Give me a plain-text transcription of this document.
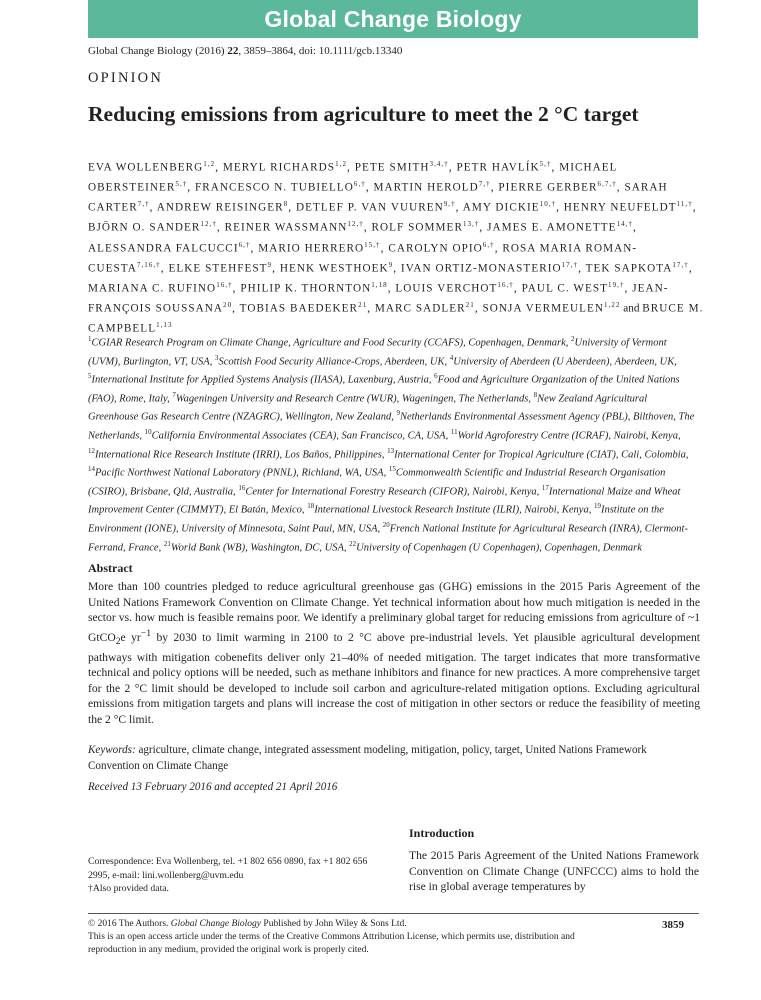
Global Change Biology
Global Change Biology (2016) 22, 3859–3864, doi: 10.1111/gcb.13340
OPINION
Reducing emissions from agriculture to meet the 2 °C target
EVA WOLLENBERG$^{1,2}$, MERYL RICHARDS$^{1,2}$, PETE $SMITH^{3,4,\dagger}$, PETR $HAVLÍK^{5,\dagger}$, MICHAEL $OBERSTEINER^{5,\dagger}$, FRANCESCO N. $TUBIELLO^{6,\dagger}$, MARTIN $HEROLD^{7,\dagger}$, PIERRE $GERBER^{6,7,\dagger}$, SARAH $CARTER^{7,\dagger}$, ANDREW REISINGER$^8$, DETLEF P. VAN $VUUREN^{9,\dagger}$, AMY $DICKIE^{10,\dagger}$, HENRY $NEUFELDT^{11,\dagger}$, BJÖRN O. $SANDER^{12,\dagger}$, REINER $WASSMANN^{12,\dagger}$, ROLF $SOMMER^{13,\dagger}$, JAMES E. $AMONETTE^{14,\dagger}$, ALESSANDRA $FALCUCCI^{6,\dagger}$, MARIO $HERRERO^{15,\dagger}$, CAROLYN $OPIO^{6,\dagger}$, ROSA MARIA ROMAN-$CUESTA^{7,16,\dagger}$, ELKE STEHFEST$^9$, HENK WESTHOEK$^9$, IVAN ORTIZ-$MONASTERIO^{17,\dagger}$, TEK $SAPKOTA^{17,\dagger}$, MARIANA C. $RUFINO^{16,\dagger}$, PHILIP K. THORNTON$^{1,18}$, LOUIS $VERCHOT^{16,\dagger}$, PAUL C. $WEST^{19,\dagger}$, JEAN-FRANÇOIS SOUSSANA$^{20}$, TOBIAS BAEDEKER$^{21}$, MARC SADLER$^{21}$, SONJA VERMEULEN$^{1,22}$ and BRUCE M. CAMPBELL$^{1,13}$
$^1$CGIAR Research Program on Climate Change, Agriculture and Food Security (CCAFS), Copenhagen, Denmark, $^2$University of Vermont (UVM), Burlington, VT, USA, $^3$Scottish Food Security Alliance-Crops, Aberdeen, UK, $^4$University of Aberdeen (U Aberdeen), Aberdeen, UK, $^5$International Institute for Applied Systems Analysis (IIASA), Laxenburg, Austria, $^6$Food and Agriculture Organization of the United Nations (FAO), Rome, Italy, $^7$Wageningen University and Research Centre (WUR), Wageningen, The Netherlands, $^8$New Zealand Agricultural Greenhouse Gas Research Centre (NZAGRC), Wellington, New Zealand, $^9$Netherlands Environmental Assessment Agency (PBL), Bilthoven, The Netherlands, $^{10}$California Environmental Associates (CEA), San Francisco, CA, USA, $^{11}$World Agroforestry Centre (ICRAF), Nairobi, Kenya, $^{12}$International Rice Research Institute (IRRI), Los Baños, Philippines, $^{13}$International Center for Tropical Agriculture (CIAT), Cali, Colombia, $^{14}$Pacific Northwest National Laboratory (PNNL), Richland, WA, USA, $^{15}$Commonwealth Scientific and Industrial Research Organisation (CSIRO), Brisbane, Qld, Australia, $^{16}$Center for International Forestry Research (CIFOR), Nairobi, Kenya, $^{17}$International Maize and Wheat Improvement Center (CIMMYT), El Batán, Mexico, $^{18}$International Livestock Research Institute (ILRI), Nairobi, Kenya, $^{19}$Institute on the Environment (IONE), University of Minnesota, Saint Paul, MN, USA, $^{20}$French National Institute for Agricultural Research (INRA), Clermont-Ferrand, France, $^{21}$World Bank (WB), Washington, DC, USA, $^{22}$University of Copenhagen (U Copenhagen), Copenhagen, Denmark
Abstract

More than 100 countries pledged to reduce agricultural greenhouse gas (GHG) emissions in the 2015 Paris Agreement of the United Nations Framework Convention on Climate Change. Yet technical information about how much mitigation is needed in the sector vs. how much is feasible remains poor. We identify a preliminary global target for reducing emissions from agriculture of ~1 GtCO$_2$e $yr^{-1}$ by 2030 to limit warming in 2100 to 2 °C above pre-industrial levels. Yet plausible agricultural development pathways with mitigation cobenefits deliver only 21–40% of needed mitigation. The target indicates that more transformative technical and policy options will be needed, such as methane inhibitors and finance for new practices. A more comprehensive target for the 2 °C limit should be developed to include soil carbon and agriculture-related mitigation options. Excluding agricultural emissions from mitigation targets and plans will increase the cost of mitigation in other sectors or reduce the feasibility of meeting the 2 °C limit.

Keywords: agriculture, climate change, integrated assessment modeling, mitigation, policy, target, United Nations Framework Convention on Climate Change
Received 13 February 2016 and accepted 21 April 2016
Introduction

The 2015 Paris Agreement of the United Nations Framework Convention on Climate Change (UNFCCC) aims to hold the rise in global average temperatures by

Correspondence: Eva Wollenberg, tel. +1 802 656 0890, fax +1 802 656 2995, e-mail: lini.wollenberg@uvm.edu
†Also provided data.
© 2016 The Authors. Global Change Biology Published by John Wiley & Sons Ltd.
This is an open access article under the terms of the Creative Commons Attribution License, which permits use, distribution and reproduction in any medium, provided the original work is properly cited.
3859
